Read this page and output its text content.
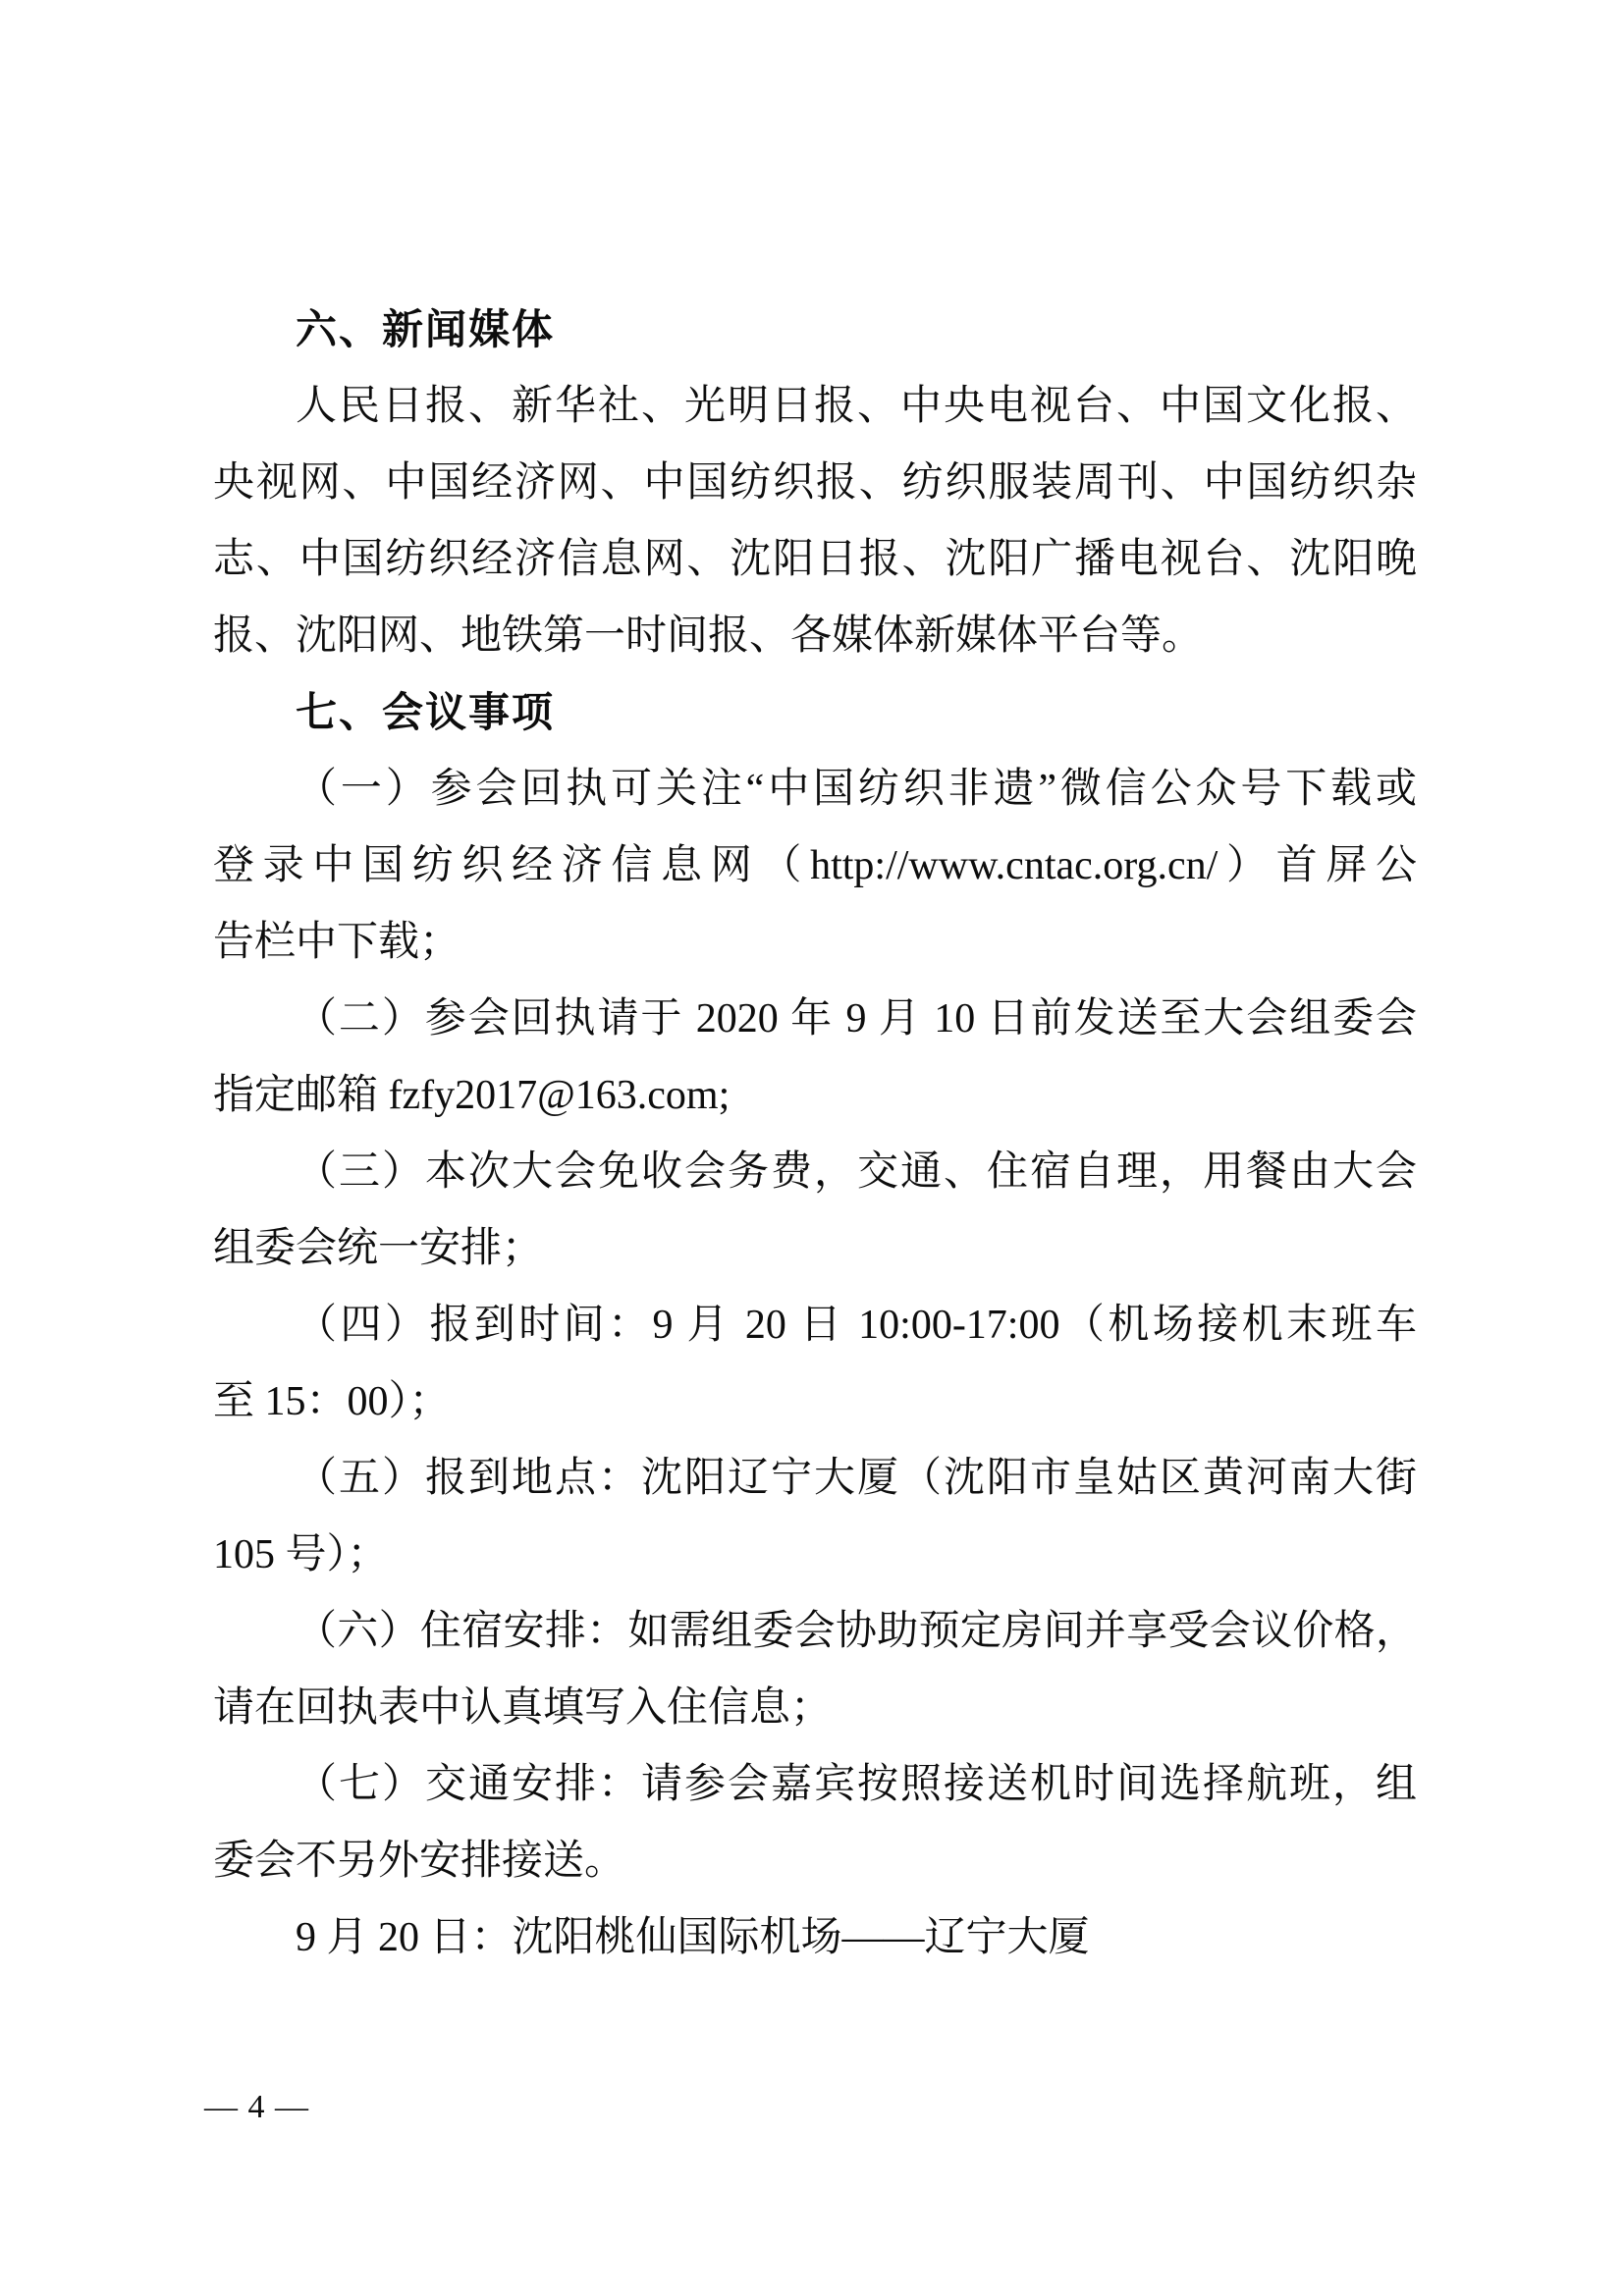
六、新闻媒体
人民日报、新华社、光明日报、中央电视台、中国文化报、
央视网、中国经济网、中国纺织报、纺织服装周刊、中国纺织杂
志、中国纺织经济信息网、沈阳日报、沈阳广播电视台、沈阳晚
报、沈阳网、地铁第一时间报、各媒体新媒体平台等。
七、会议事项
（一）参会回执可关注“中国纺织非遗”微信公众号下载或
登录中国纺织经济信息网（http://www.cntac.org.cn/）首屏公
告栏中下载；
（二）参会回执请于 2020 年 9 月 10 日前发送至大会组委会
指定邮箱 fzfy2017@163.com;
（三）本次大会免收会务费，交通、住宿自理，用餐由大会
组委会统一安排；
（四）报到时间：9 月 20 日 10:00-17:00（机场接机末班车
至 15：00）；
（五）报到地点：沈阳辽宁大厦（沈阳市皇姑区黄河南大街
105 号）；
（六）住宿安排：如需组委会协助预定房间并享受会议价格，
请在回执表中认真填写入住信息；
（七）交通安排：请参会嘉宾按照接送机时间选择航班，组
委会不另外安排接送。
9 月 20 日：沈阳桃仙国际机场——辽宁大厦
— 4 —
